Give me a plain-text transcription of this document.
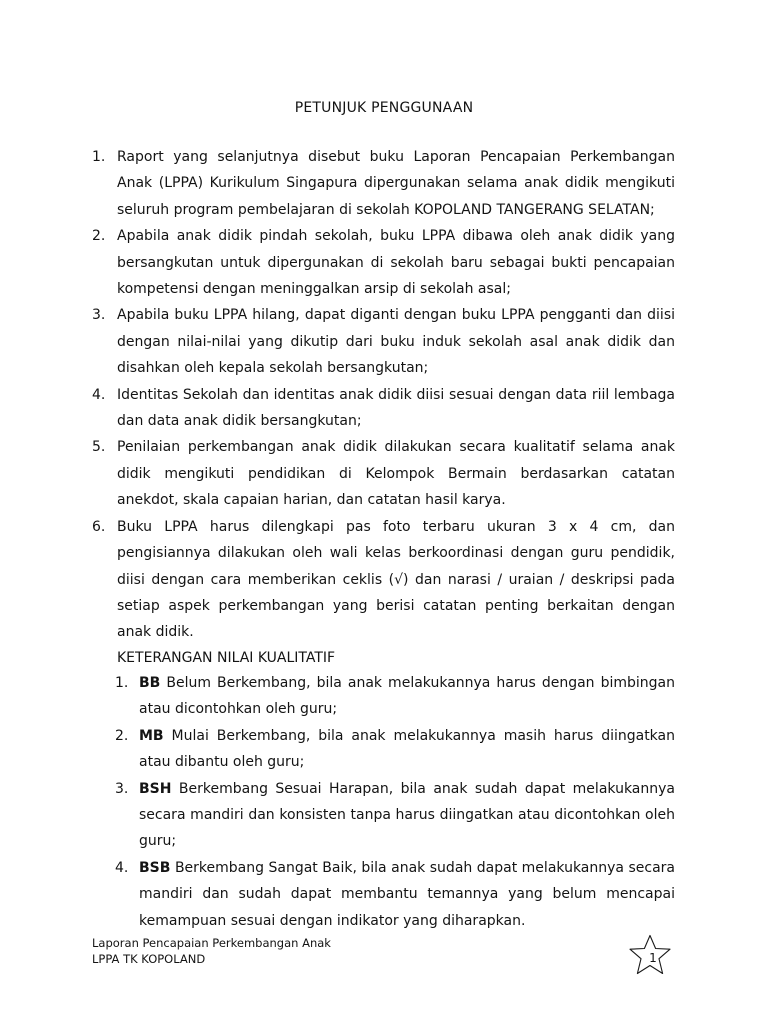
PETUNJUK PENGGUNAAN
1. Raport yang selanjutnya disebut buku Laporan Pencapaian Perkembangan Anak (LPPA) Kurikulum Singapura dipergunakan selama anak didik mengikuti seluruh program pembelajaran di sekolah KOPOLAND TANGERANG SELATAN;
2. Apabila anak didik pindah sekolah, buku LPPA dibawa oleh anak didik yang bersangkutan untuk dipergunakan di sekolah baru sebagai bukti pencapaian kompetensi dengan meninggalkan arsip di sekolah asal;
3. Apabila buku LPPA hilang, dapat diganti dengan buku LPPA pengganti dan diisi dengan nilai-nilai yang dikutip dari buku induk sekolah asal anak didik dan disahkan oleh kepala sekolah bersangkutan;
4. Identitas Sekolah dan identitas anak didik diisi sesuai dengan data riil lembaga dan data anak didik bersangkutan;
5. Penilaian perkembangan anak didik dilakukan secara kualitatif selama anak didik mengikuti pendidikan di Kelompok Bermain berdasarkan catatan anekdot, skala capaian harian, dan catatan hasil karya.
6. Buku LPPA harus dilengkapi pas foto terbaru ukuran 3 x 4 cm, dan pengisiannya dilakukan oleh wali kelas berkoordinasi dengan guru pendidik, diisi dengan cara memberikan ceklis (√) dan narasi / uraian / deskripsi pada setiap aspek perkembangan yang berisi catatan penting berkaitan dengan anak didik.
KETERANGAN NILAI KUALITATIF
1. BB Belum Berkembang, bila anak melakukannya harus dengan bimbingan atau dicontohkan oleh guru;
2. MB Mulai Berkembang, bila anak melakukannya masih harus diingatkan atau dibantu oleh guru;
3. BSH Berkembang Sesuai Harapan, bila anak sudah dapat melakukannya secara mandiri dan konsisten tanpa harus diingatkan atau dicontohkan oleh guru;
4. BSB Berkembang Sangat Baik, bila anak sudah dapat melakukannya secara mandiri dan sudah dapat membantu temannya yang belum mencapai kemampuan sesuai dengan indikator yang diharapkan.
Laporan Pencapaian Perkembangan Anak
LPPA TK KOPOLAND	1
